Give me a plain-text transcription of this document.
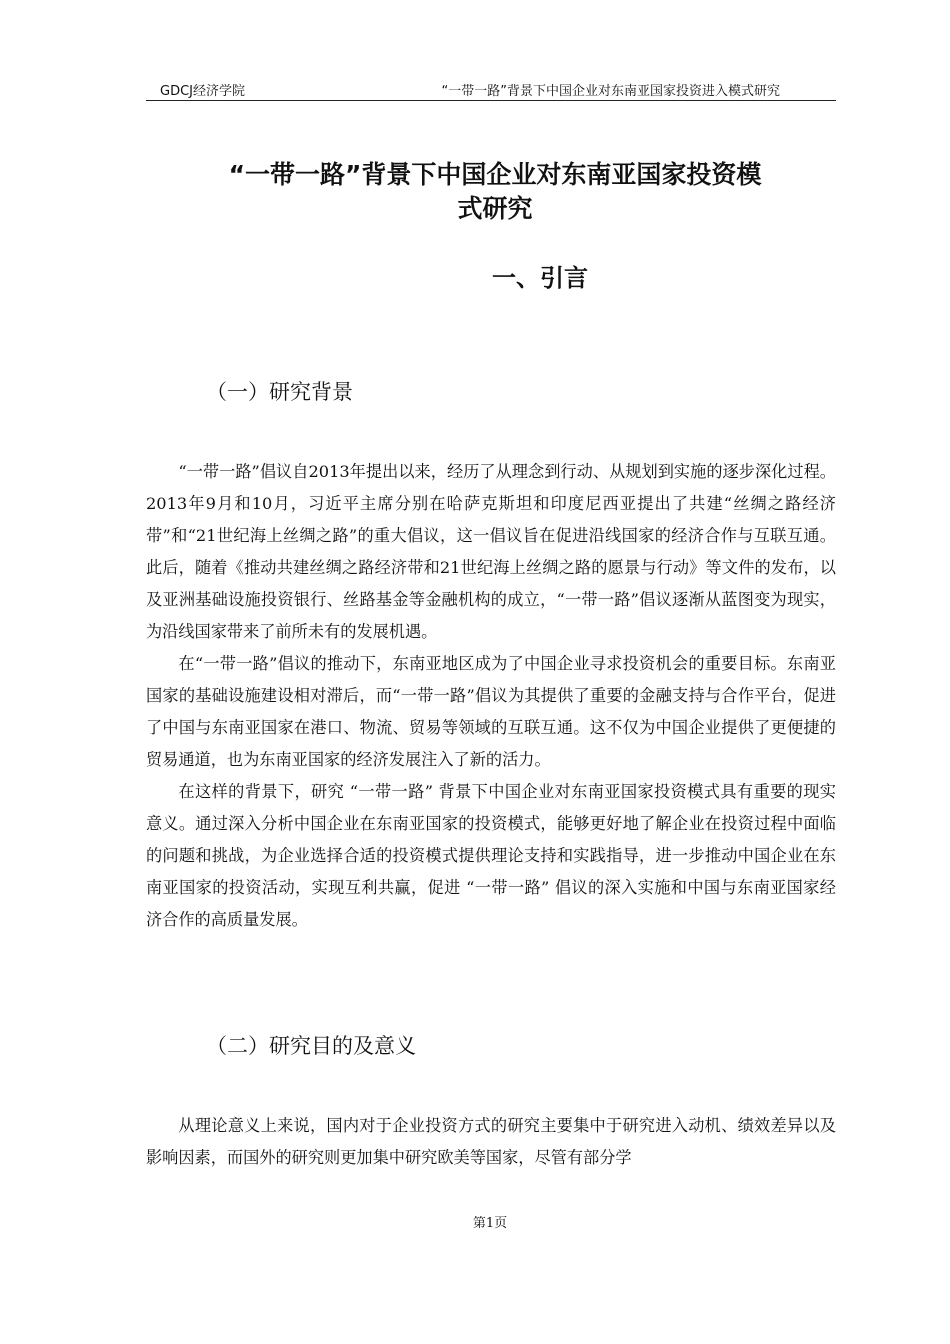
GDCJ经济学院	“一带一路”背景下中国企业对东南亚国家投资进入模式研究
“一带一路”背景下中国企业对东南亚国家投资模
式研究
一、引言
（一）研究背景

“一带一路”倡议自2013年提出以来，经历了从理念到行动、从规划到实施的逐步深化过程。2013年9月和10月，习近平主席分别在哈萨克斯坦和印度尼西亚提出了共建“丝绸之路经济带”和“21世纪海上丝绸之路”的重大倡议，这一倡议旨在促进沿线国家的经济合作与互联互通。此后，随着《推动共建丝绸之路经济带和21世纪海上丝绸之路的愿景与行动》等文件的发布，以及亚洲基础设施投资银行、丝路基金等金融机构的成立，“一带一路”倡议逐渐从蓝图变为现实，为沿线国家带来了前所未有的发展机遇。

在“一带一路”倡议的推动下，东南亚地区成为了中国企业寻求投资机会的重要目标。东南亚国家的基础设施建设相对滞后，而“一带一路”倡议为其提供了重要的金融支持与合作平台，促进了中国与东南亚国家在港口、物流、贸易等领域的互联互通。这不仅为中国企业提供了更便捷的贸易通道，也为东南亚国家的经济发展注入了新的活力。

在这样的背景下，研究 “一带一路” 背景下中国企业对东南亚国家投资模式具有重要的现实意义。通过深入分析中国企业在东南亚国家的投资模式，能够更好地了解企业在投资过程中面临的问题和挑战，为企业选择合适的投资模式提供理论支持和实践指导，进一步推动中国企业在东南亚国家的投资活动，实现互利共赢，促进 “一带一路” 倡议的深入实施和中国与东南亚国家经济合作的高质量发展。

（二）研究目的及意义

从理论意义上来说，国内对于企业投资方式的研究主要集中于研究进入动机、绩效差异以及影响因素，而国外的研究则更加集中研究欧美等国家，尽管有部分学

第1页
